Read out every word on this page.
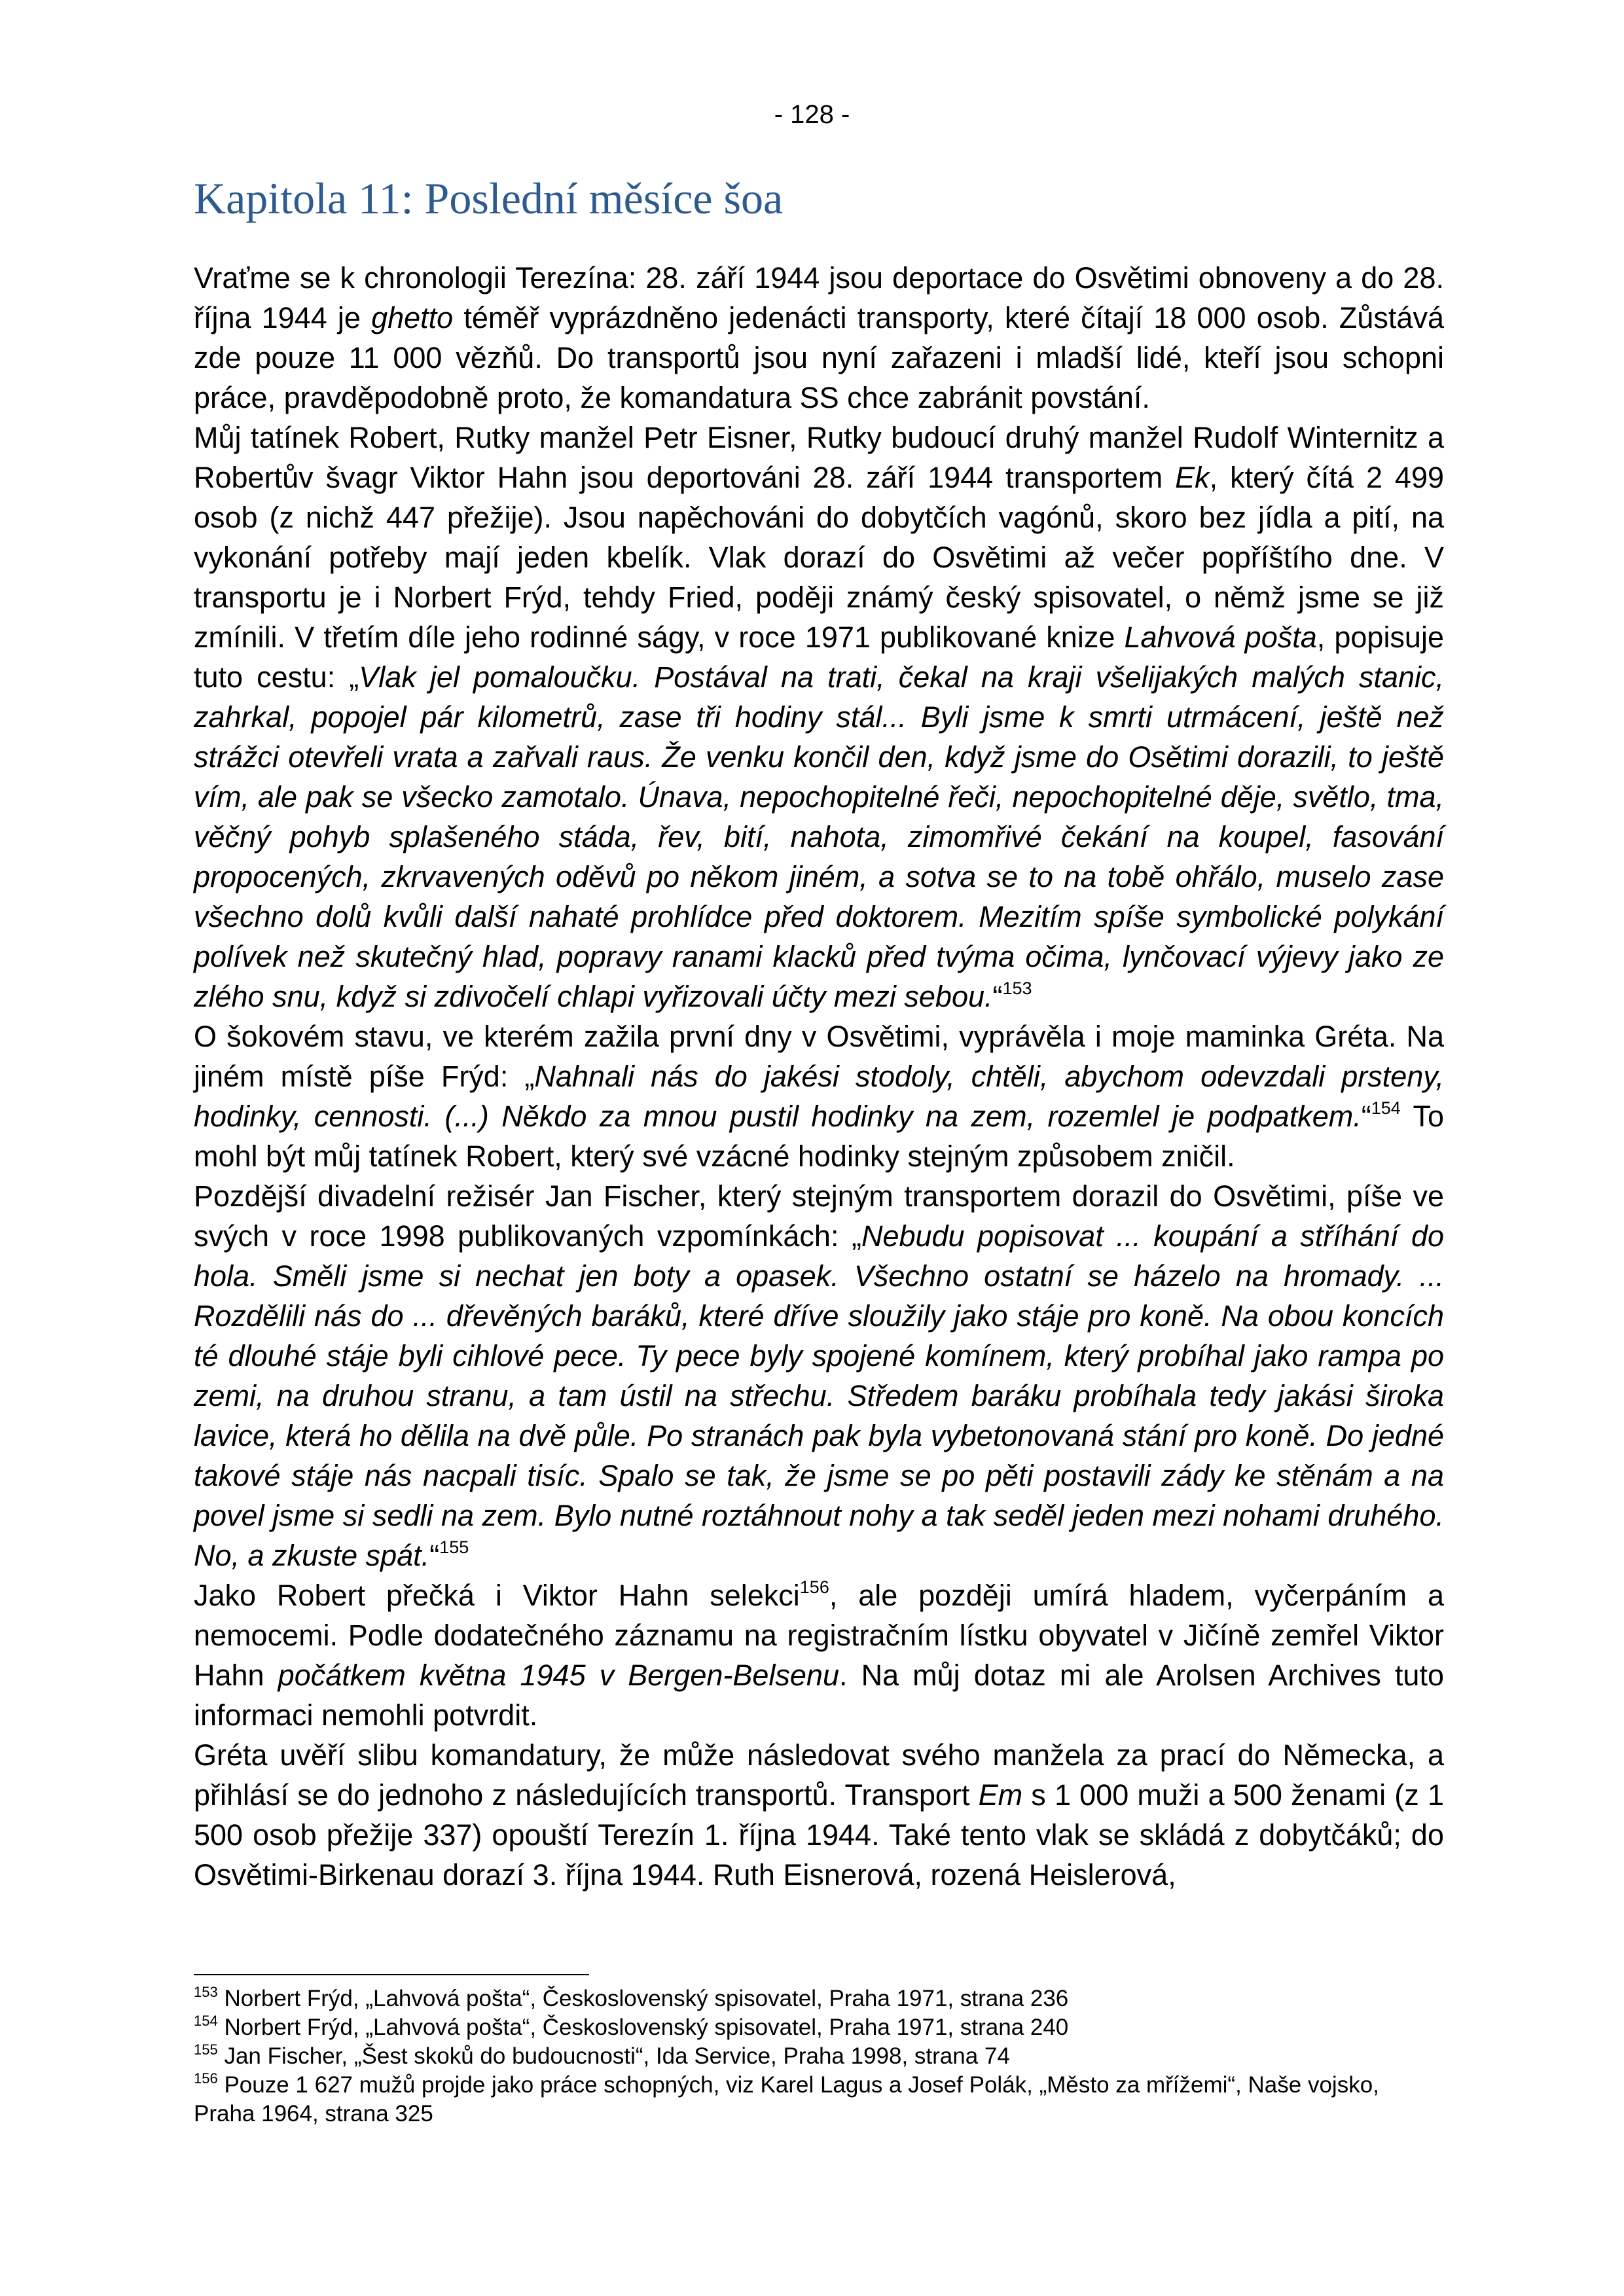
- 128 -
Kapitola 11: Poslední měsíce šoa

Vraťme se k chronologii Terezína: 28. září 1944 jsou deportace do Osvětimi obnoveny a do 28. října 1944 je ghetto téměř vyprázdněno jedenácti transporty, které čítají 18 000 osob. Zůstává zde pouze 11 000 vězňů. Do transportů jsou nyní zařazeni i mladší lidé, kteří jsou schopni práce, pravděpodobně proto, že komandatura SS chce zabránit povstání.

Můj tatínek Robert, Rutky manžel Petr Eisner, Rutky budoucí druhý manžel Rudolf Winternitz a Robertův švagr Viktor Hahn jsou deportováni 28. září 1944 transportem Ek, který čítá 2 499 osob (z nichž 447 přežije). Jsou napěchováni do dobytčích vagónů, skoro bez jídla a pití, na vykonání potřeby mají jeden kbelík. Vlak dorazí do Osvětimi až večer popříštího dne. V transportu je i Norbert Frýd, tehdy Fried, poději známý český spisovatel, o němž jsme se již zmínili. V třetím díle jeho rodinné ságy, v roce 1971 publikované knize Lahvová pošta, popisuje tuto cestu: „Vlak jel pomaloučku. Postával na trati, čekal na kraji všelijakých malých stanic, zahrkal, popojel pár kilometrů, zase tři hodiny stál... Byli jsme k smrti utrmácení, ještě než strážci otevřeli vrata a zařvali raus. Že venku končil den, když jsme do Osětimi dorazili, to ještě vím, ale pak se všecko zamotalo. Únava, nepochopitelné řeči, nepochopitelné děje, světlo, tma, věčný pohyb splašeného stáda, řev, bití, nahota, zimomřivé čekání na koupel, fasování propocených, zkrvavených oděvů po někom jiném, a sotva se to na tobě ohřálo, muselo zase všechno dolů kvůli další nahaté prohlídce před doktorem. Mezitím spíše symbolické polykání polívek než skutečný hlad, popravy ranami klacků před tvýma očima, lynčovací výjevy jako ze zlého snu, když si zdivočelí chlapi vyřizovali účty mezi sebou.“$^{153}$

O šokovém stavu, ve kterém zažila první dny v Osvětimi, vyprávěla i moje maminka Gréta. Na jiném místě píše Frýd: „Nahnali nás do jakési stodoly, chtěli, abychom odevzdali prsteny, hodinky, cennosti. (...) Někdo za mnou pustil hodinky na zem, rozemlel je podpatkem.“$^{154}$ To mohl být můj tatínek Robert, který své vzácné hodinky stejným způsobem zničil.

Pozdější divadelní režisér Jan Fischer, který stejným transportem dorazil do Osvětimi, píše ve svých v roce 1998 publikovaných vzpomínkách: „Nebudu popisovat ... koupání a stříhání do hola. Směli jsme si nechat jen boty a opasek. Všechno ostatní se házelo na hromady. ... Rozdělili nás do ... dřevěných baráků, které dříve sloužily jako stáje pro koně. Na obou koncích té dlouhé stáje byli cihlové pece. Ty pece byly spojené komínem, který probíhal jako rampa po zemi, na druhou stranu, a tam ústil na střechu. Středem baráku probíhala tedy jakási široka lavice, která ho dělila na dvě půle. Po stranách pak byla vybetonovaná stání pro koně. Do jedné takové stáje nás nacpali tisíc. Spalo se tak, že jsme se po pěti postavili zády ke stěnám a na povel jsme si sedli na zem. Bylo nutné roztáhnout nohy a tak seděl jeden mezi nohami druhého. No, a zkuste spát.“$^{155}$

Jako Robert přečká i Viktor Hahn selekci$^{156}$, ale později umírá hladem, vyčerpáním a nemocemi. Podle dodatečného záznamu na registračním lístku obyvatel v Jičíně zemřel Viktor Hahn počátkem května 1945 v Bergen-Belsenu. Na můj dotaz mi ale Arolsen Archives tuto informaci nemohli potvrdit.

Gréta uvěří slibu komandatury, že může následovat svého manžela za prací do Německa, a přihlásí se do jednoho z následujících transportů. Transport Em s 1 000 muži a 500 ženami (z 1 500 osob přežije 337) opouští Terezín 1. října 1944. Také tento vlak se skládá z dobytčáků; do Osvětimi-Birkenau dorazí 3. října 1944. Ruth Eisnerová, rozená Heislerová,

$^{153}$ Norbert Frýd, „Lahvová pošta“, Československý spisovatel, Praha 1971, strana 236
$^{154}$ Norbert Frýd, „Lahvová pošta“, Československý spisovatel, Praha 1971, strana 240
$^{155}$ Jan Fischer, „Šest skoků do budoucnosti“, Ida Service, Praha 1998, strana 74
$^{156}$ Pouze 1 627 mužů projde jako práce schopných, viz Karel Lagus a Josef Polák, „Město za mřížemi“, Naše vojsko, Praha 1964, strana 325
